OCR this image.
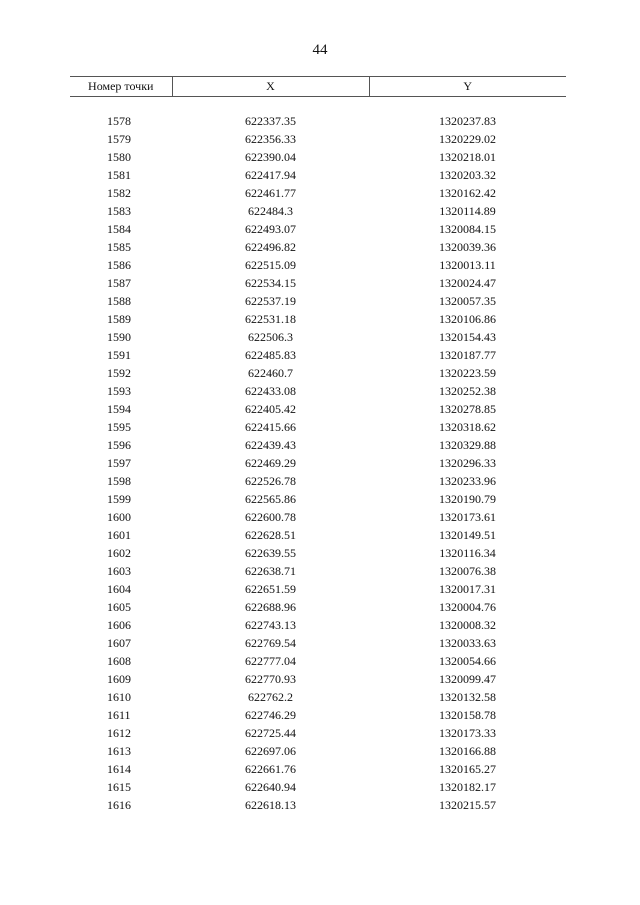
44
Номер точки	X	Y

1578	622337.35	1320237.83
1579	622356.33	1320229.02
1580	622390.04	1320218.01
1581	622417.94	1320203.32
1582	622461.77	1320162.42
1583	622484.3	1320114.89
1584	622493.07	1320084.15
1585	622496.82	1320039.36
1586	622515.09	1320013.11
1587	622534.15	1320024.47
1588	622537.19	1320057.35
1589	622531.18	1320106.86
1590	622506.3	1320154.43
1591	622485.83	1320187.77
1592	622460.7	1320223.59
1593	622433.08	1320252.38
1594	622405.42	1320278.85
1595	622415.66	1320318.62
1596	622439.43	1320329.88
1597	622469.29	1320296.33
1598	622526.78	1320233.96
1599	622565.86	1320190.79
1600	622600.78	1320173.61
1601	622628.51	1320149.51
1602	622639.55	1320116.34
1603	622638.71	1320076.38
1604	622651.59	1320017.31
1605	622688.96	1320004.76
1606	622743.13	1320008.32
1607	622769.54	1320033.63
1608	622777.04	1320054.66
1609	622770.93	1320099.47
1610	622762.2	1320132.58
1611	622746.29	1320158.78
1612	622725.44	1320173.33
1613	622697.06	1320166.88
1614	622661.76	1320165.27
1615	622640.94	1320182.17
1616	622618.13	1320215.57
